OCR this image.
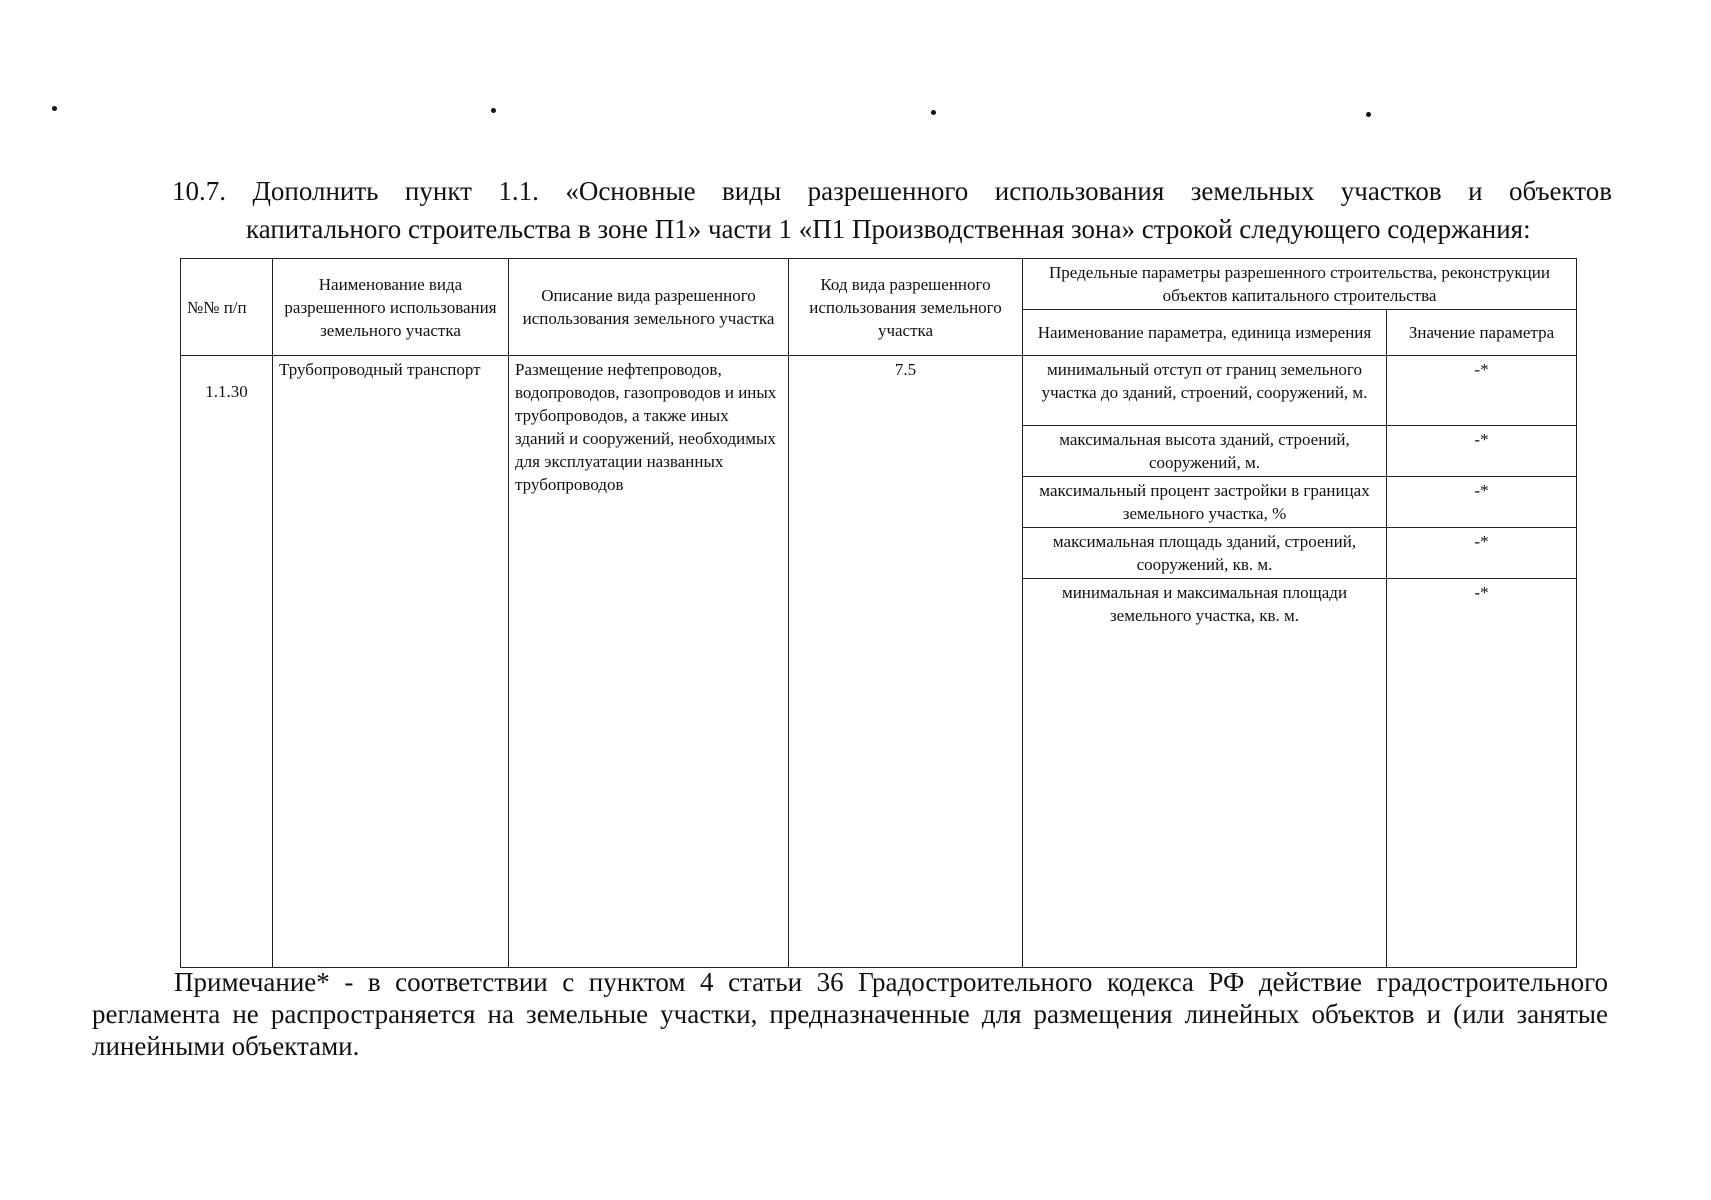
10.7. Дополнить пункт 1.1. «Основные виды разрешенного использования земельных участков и объектов
капитального строительства в зоне П1» части 1 «П1 Производственная зона» строкой следующего содержания:

№№ п/п	Наименование вида разрешенного использования земельного участка	Описание вида разрешенного использования земельного участка	Код вида разрешенного использования земельного участка	Предельные параметры разрешенного строительства, реконструкции объектов капитального строительства	
				Наименование параметра, единица измерения	Значение параметра
1.1.30	Трубопроводный транспорт	Размещение нефтепроводов, водопроводов, газопроводов и иных трубопроводов, а также иных зданий и сооружений, необходимых для эксплуатации названных трубопроводов	7.5	минимальный отступ от границ земельного участка до зданий, строений, сооружений, м.	-*
				максимальная высота зданий, строений, сооружений, м.	-*
				максимальный процент застройки в границах земельного участка, %	-*
				максимальная площадь зданий, строений, сооружений, кв. м.	-*
				минимальная и максимальная площади земельного участка, кв. м.	-*

Примечание* - в соответствии с пунктом 4 статьи 36 Градостроительного кодекса РФ действие градостроительного регламента не распространяется на земельные участки, предназначенные для размещения линейных объектов и (или занятые линейными объектами.
